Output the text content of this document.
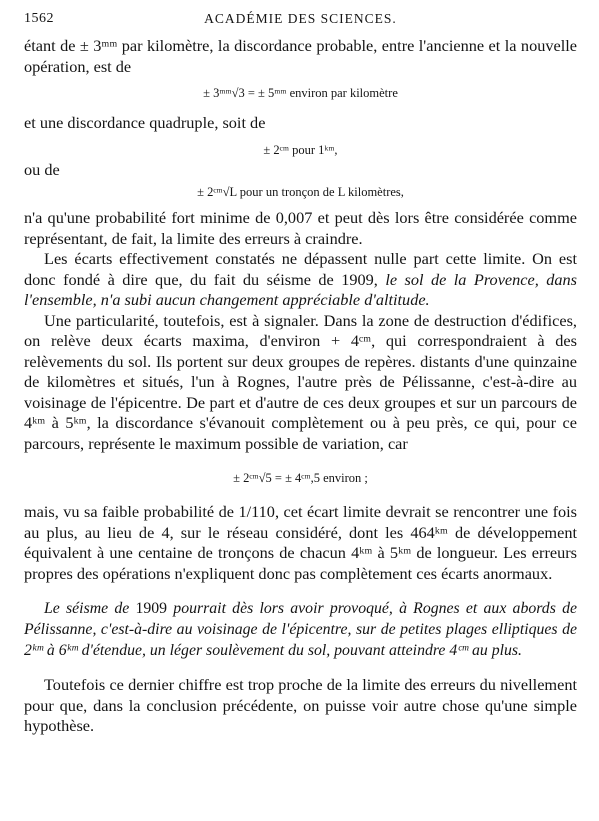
1562	ACADÉMIE DES SCIENCES.

étant de ± 3ᵐᵐ par kilomètre, la discordance probable, entre l'ancienne et la nouvelle opération, est de

± 3ᵐᵐ√3 = ± 5ᵐᵐ environ par kilomètre

et une discordance quadruple, soit de

± 2ᶜᵐ pour 1ᵏᵐ,

ou de

± 2ᶜᵐ√L pour un tronçon de L kilomètres,

n'a qu'une probabilité fort minime de 0,007 et peut dès lors être considérée comme représentant, de fait, la limite des erreurs à craindre.

Les écarts effectivement constatés ne dépassent nulle part cette limite. On est donc fondé à dire que, du fait du séisme de 1909, le sol de la Provence, dans l'ensemble, n'a subi aucun changement appréciable d'altitude.

Une particularité, toutefois, est à signaler. Dans la zone de destruction d'édifices, on relève deux écarts maxima, d'environ + 4ᶜᵐ, qui correspondraient à des relèvements du sol. Ils portent sur deux groupes de repères. distants d'une quinzaine de kilomètres et situés, l'un à Rognes, l'autre près de Pélissanne, c'est-à-dire au voisinage de l'épicentre. De part et d'autre de ces deux groupes et sur un parcours de 4ᵏᵐ à 5ᵏᵐ, la discordance s'évanouit complètement ou à peu près, ce qui, pour ce parcours, représente le maximum possible de variation, car

± 2ᶜᵐ√5 = ± 4ᶜᵐ,5 environ ;

mais, vu sa faible probabilité de 1/110, cet écart limite devrait se rencontrer une fois au plus, au lieu de 4, sur le réseau considéré, dont les 464ᵏᵐ de développement équivalent à une centaine de tronçons de chacun 4ᵏᵐ à 5ᵏᵐ de longueur. Les erreurs propres des opérations n'expliquent donc pas complètement ces écarts anormaux.

Le séisme de 1909 pourrait dès lors avoir provoqué, à Rognes et aux abords de Pélissanne, c'est-à-dire au voisinage de l'épicentre, sur de petites plages elliptiques de 2ᵏᵐ à 6ᵏᵐ d'étendue, un léger soulèvement du sol, pouvant atteindre 4ᶜᵐ au plus.

Toutefois ce dernier chiffre est trop proche de la limite des erreurs du nivellement pour que, dans la conclusion précédente, on puisse voir autre chose qu'une simple hypothèse.
